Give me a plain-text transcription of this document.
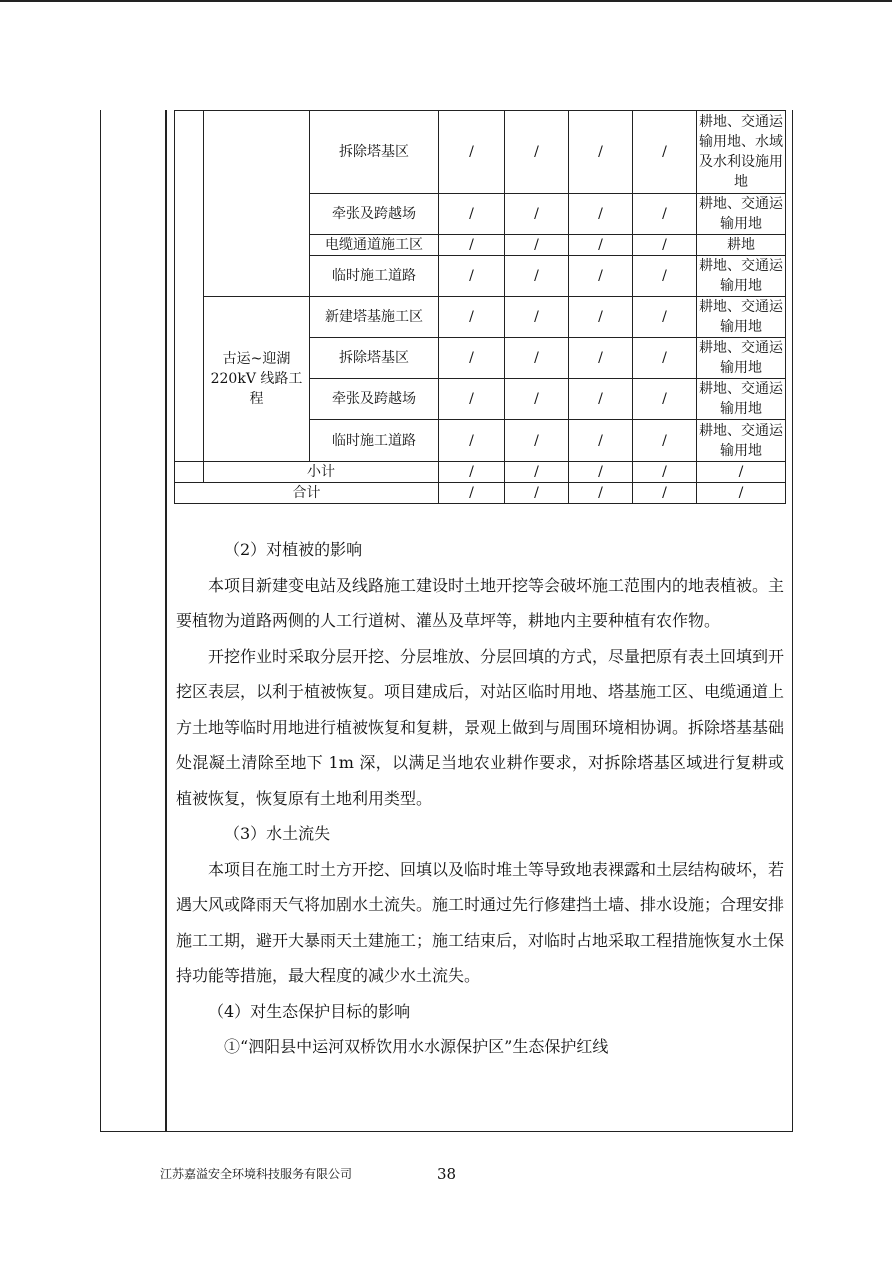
		拆除塔基区	/	/	/	/	耕地、交通运输用地、水域及水利设施用地
		牵张及跨越场	/	/	/	/	耕地、交通运输用地
		电缆通道施工区	/	/	/	/	耕地
		临时施工道路	/	/	/	/	耕地、交通运输用地
	古运~迎湖220kV 线路工程	新建塔基施工区	/	/	/	/	耕地、交通运输用地
		拆除塔基区	/	/	/	/	耕地、交通运输用地
		牵张及跨越场	/	/	/	/	耕地、交通运输用地
		临时施工道路	/	/	/	/	耕地、交通运输用地
	小计		/	/	/	/	/
合计			/	/	/	/	/

（2）对植被的影响

本项目新建变电站及线路施工建设时土地开挖等会破坏施工范围内的地表植被。主要植物为道路两侧的人工行道树、灌丛及草坪等，耕地内主要种植有农作物。

开挖作业时采取分层开挖、分层堆放、分层回填的方式，尽量把原有表土回填到开挖区表层，以利于植被恢复。项目建成后，对站区临时用地、塔基施工区、电缆通道上方土地等临时用地进行植被恢复和复耕，景观上做到与周围环境相协调。拆除塔基基础处混凝土清除至地下 1m 深，以满足当地农业耕作要求，对拆除塔基区域进行复耕或植被恢复，恢复原有土地利用类型。

（3）水土流失

本项目在施工时土方开挖、回填以及临时堆土等导致地表裸露和土层结构破坏，若遇大风或降雨天气将加剧水土流失。施工时通过先行修建挡土墙、排水设施；合理安排施工工期，避开大暴雨天土建施工；施工结束后，对临时占地采取工程措施恢复水土保持功能等措施，最大程度的减少水土流失。

（4）对生态保护目标的影响

①“泗阳县中运河双桥饮用水水源保护区”生态保护红线

江苏嘉溢安全环境科技服务有限公司	38
